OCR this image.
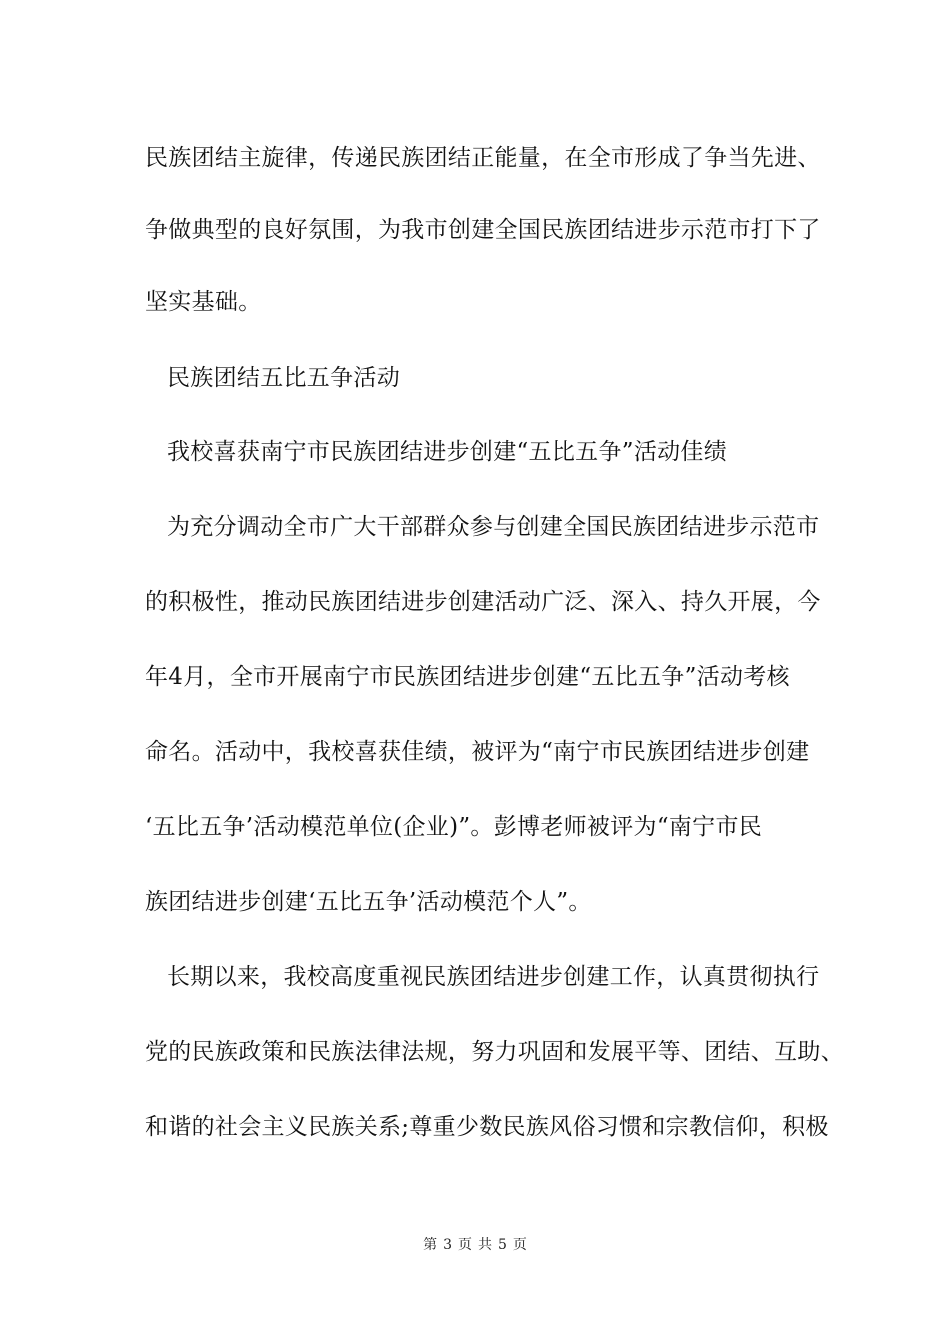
民族团结主旋律，传递民族团结正能量，在全市形成了争当先进、
争做典型的良好氛围，为我市创建全国民族团结进步示范市打下了
坚实基础。
民族团结五比五争活动
我校喜获南宁市民族团结进步创建“五比五争”活动佳绩
为充分调动全市广大干部群众参与创建全国民族团结进步示范市
的积极性，推动民族团结进步创建活动广泛、深入、持久开展，今
年4月，全市开展南宁市民族团结进步创建“五比五争”活动考核
命名。活动中，我校喜获佳绩，被评为“南宁市民族团结进步创建
‘五比五争’活动模范单位(企业)”。彭博老师被评为“南宁市民
族团结进步创建‘五比五争’活动模范个人”。
长期以来，我校高度重视民族团结进步创建工作，认真贯彻执行
党的民族政策和民族法律法规，努力巩固和发展平等、团结、互助、
和谐的社会主义民族关系;尊重少数民族风俗习惯和宗教信仰，积极
第 3 页 共 5 页
